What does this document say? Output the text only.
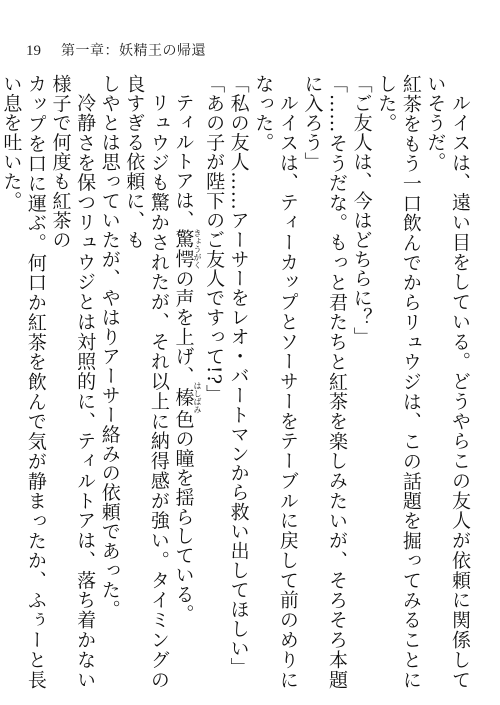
19 第一章：妖精王の帰還

ルイスは、遠い目をしている。どうやらこの友人が依頼に関係していそうだ。

紅茶をもう一口飲んでからリュウジは、この話題を掘ってみることにした。

「ご友人は、今はどちらに？」

「……そうだな。もっと君たちと紅茶を楽しみたいが、そろそろ本題に入ろう」

ルイスは、ティーカップとソーサーをテーブルに戻して前のめりになった。

「私の友人……アーサーをレオ・バートマンから救い出してほしい」

「あの子が陛下のご友人ですって!?」

ティルトアは、驚愕きょうがくの声を上げ、榛はしばみ色の瞳を揺らしている。

リュウジも驚かされたが、それ以上に納得感が強い。タイミングの良すぎる依頼に、も

しやとは思っていたが、やはりアーサー絡みの依頼であった。

冷静さを保つリュウジとは対照的に、ティルトアは、落ち着かない様子で何度も紅茶の

カップを口に運ぶ。何口か紅茶を飲んで気が静まったか、ふぅーと長い息を吐いた。
